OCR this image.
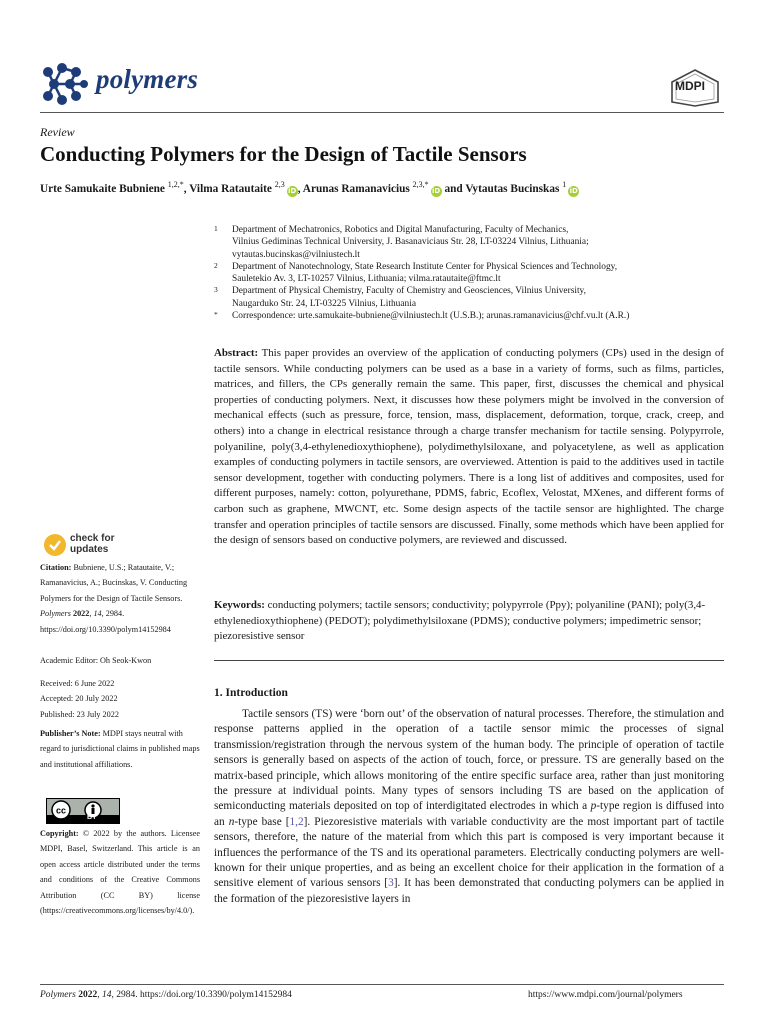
polymers	MDPI
Review
Conducting Polymers for the Design of Tactile Sensors
Urte Samukaite Bubniene $^{1,2,*}$, Vilma Ratautaite $^{2,3}$iD, Arunas Ramanavicius $^{2,3,*}$iD and Vytautas Bucinskas $^1$iD
1 Department of Mechatronics, Robotics and Digital Manufacturing, Faculty of Mechanics,
Vilnius Gediminas Technical University, J. Basanaviciaus Str. 28, LT-03224 Vilnius, Lithuania;
vytautas.bucinskas@vilniustech.lt
2 Department of Nanotechnology, State Research Institute Center for Physical Sciences and Technology,
Sauletekio Av. 3, LT-10257 Vilnius, Lithuania; vilma.ratautaite@ftmc.lt
3 Department of Physical Chemistry, Faculty of Chemistry and Geosciences, Vilnius University,
Naugarduko Str. 24, LT-03225 Vilnius, Lithuania
* Correspondence: urte.samukaite-bubniene@vilniustech.lt (U.S.B.); arunas.ramanavicius@chf.vu.lt (A.R.)
Abstract: This paper provides an overview of the application of conducting polymers (CPs) used in the design of tactile sensors. While conducting polymers can be used as a base in a variety of forms, such as films, particles, matrices, and fillers, the CPs generally remain the same. This paper, first, discusses the chemical and physical properties of conducting polymers. Next, it discusses how these polymers might be involved in the conversion of mechanical effects (such as pressure, force, tension, mass, displacement, deformation, torque, crack, creep, and others) into a change in electrical resistance through a charge transfer mechanism for tactile sensing. Polypyrrole, polyaniline, poly(3,4-ethylenedioxythiophene), polydimethylsiloxane, and polyacetylene, as well as application examples of conducting polymers in tactile sensors, are overviewed. Attention is paid to the additives used in tactile sensor development, together with conducting polymers. There is a long list of additives and composites, used for different purposes, namely: cotton, polyurethane, PDMS, fabric, Ecoflex, Velostat, MXenes, and different forms of carbon such as graphene, MWCNT, etc. Some design aspects of the tactile sensor are highlighted. The charge transfer and operation principles of tactile sensors are discussed. Finally, some methods which have been applied for the design of sensors based on conductive polymers, are reviewed and discussed.
Keywords: conducting polymers; tactile sensors; conductivity; polypyrrole (Ppy); polyaniline (PANI); poly(3,4-ethylenedioxythiophene) (PEDOT); polydimethylsiloxane (PDMS); conductive polymers; impedimetric sensor; piezoresistive sensor
check for
updates
Citation: Bubniene, U.S.; Ratautaite, V.; Ramanavicius, A.; Bucinskas, V. Conducting Polymers for the Design of Tactile Sensors. Polymers 2022, 14, 2984. https://doi.org/10.3390/polym14152984
Academic Editor: Oh Seok-Kwon
Received: 6 June 2022
Accepted: 20 July 2022
Published: 23 July 2022
Publisher’s Note: MDPI stays neutral with regard to jurisdictional claims in published maps and institutional affiliations.
cc
BY
Copyright: © 2022 by the authors. Licensee MDPI, Basel, Switzerland. This article is an open access article distributed under the terms and conditions of the Creative Commons Attribution (CC BY) license (https://creativecommons.org/licenses/by/4.0/).
1. Introduction

Tactile sensors (TS) were ‘born out’ of the observation of natural processes. Therefore, the stimulation and response patterns applied in the operation of a tactile sensor mimic the processes of signal transmission/registration through the nervous system of the human body. The principle of operation of tactile sensors is generally based on aspects of the action of touch, force, or pressure. TS are generally based on the matrix-based principle, which allows monitoring of the entire specific surface area, rather than just monitoring the pressure at individual points. Many types of sensors including TS are based on the application of semiconducting materials deposited on top of interdigitated electrodes in which a p-type region is diffused into an n-type base [1,2]. Piezoresistive materials with variable conductivity are the most important part of tactile sensors, therefore, the nature of the material from which this part is composed is very important because it influences the performance of the TS and its operational parameters. Electrically conducting polymers are well-known for their unique properties, and as being an excellent choice for their application in the formation of a sensitive element of various sensors [3]. It has been demonstrated that conducting polymers can be applied in the formation of the piezoresistive layers in

Polymers 2022, 14, 2984. https://doi.org/10.3390/polym14152984	https://www.mdpi.com/journal/polymers
